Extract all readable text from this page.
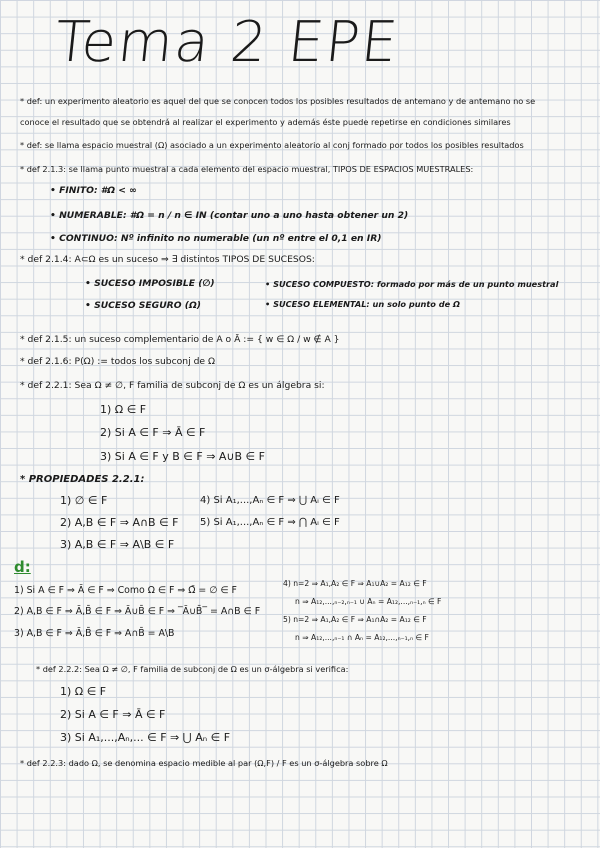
Tema 2 EPE
* def: un experimento aleatorio es aquel del que se conocen todos los posibles resultados de antemano y de antemano no se
conoce el resultado que se obtendrá al realizar el experimento y además éste puede repetirse en condiciones similares
* def: se llama espacio muestral (Ω) asociado a un experimento aleatorio al conj formado por todos los posibles resultados
* def 2.1.3: se llama punto muestral a cada elemento del espacio muestral, TIPOS DE ESPACIOS MUESTRALES:
• FINITO: #Ω < ∞
• NUMERABLE: #Ω = n / n ∈ IN (contar uno a uno hasta obtener un 2)
• CONTINUO: Nº infinito no numerable (un nº entre el 0,1 en IR)
* def 2.1.4: A⊂Ω es un suceso ⇒ ∃ distintos TIPOS DE SUCESOS:
• SUCESO IMPOSIBLE (∅)	• SUCESO COMPUESTO: formado por más de un punto muestral
• SUCESO SEGURO (Ω)	• SUCESO ELEMENTAL: un solo punto de Ω
* def 2.1.5: un suceso complementario de A o Ā := { w ∈ Ω / w ∉ A }
* def 2.1.6: P(Ω) := todos los subconj de Ω
* def 2.2.1: Sea Ω ≠ ∅, F familia de subconj de Ω es un álgebra si:
1) Ω ∈ F
2) Si A ∈ F ⇒ Ā ∈ F
3) Si A ∈ F y B ∈ F ⇒ A∪B ∈ F
* PROPIEDADES 2.2.1:
1) ∅ ∈ F	4) Si A₁,...,Aₙ ∈ F ⇒ ⋃ Aᵢ ∈ F
2) A,B ∈ F ⇒ A∩B ∈ F 5) Si A₁,...,Aₙ ∈ F ⇒ ⋂ Aᵢ ∈ F
3) A,B ∈ F ⇒ A\B ∈ F
d:
1) Si A ∈ F ⇒ Ā ∈ F ⇒ Como Ω ∈ F ⇒ Ω̄ = ∅ ∈ F
4) n=2 ⇒ A₁,A₂ ∈ F ⇒ A₁∪A₂ = A₁₂ ∈ F
n ⇒ A₁₂,...,ₙ₋₂,ₙ₋₁ ∪ Aₙ = A₁₂,...,ₙ₋₁,ₙ ∈ F
2) A,B ∈ F ⇒ Ā,B̄ ∈ F ⇒ Ā∪B̄ ∈ F ⇒ ‾Ā∪B̄‾ = A∩B ∈ F
5) n=2 ⇒ A₁,A₂ ∈ F ⇒ A₁∩A₂ = A₁₂ ∈ F
3) A,B ∈ F ⇒ Ā,B̄ ∈ F ⇒ A∩B̄ = A\B	n ⇒ A₁₂,...,ₙ₋₁ ∩ Aₙ = A₁₂,...,ₙ₋₁,ₙ ∈ F
* def 2.2.2: Sea Ω ≠ ∅, F familia de subconj de Ω es un σ-álgebra si verifica:
1) Ω ∈ F
2) Si A ∈ F ⇒ Ā ∈ F
3) Si A₁,...,Aₙ,... ∈ F ⇒ ⋃ Aₙ ∈ F
* def 2.2.3: dado Ω, se denomina espacio medible al par (Ω,F) / F es un σ-álgebra sobre Ω
